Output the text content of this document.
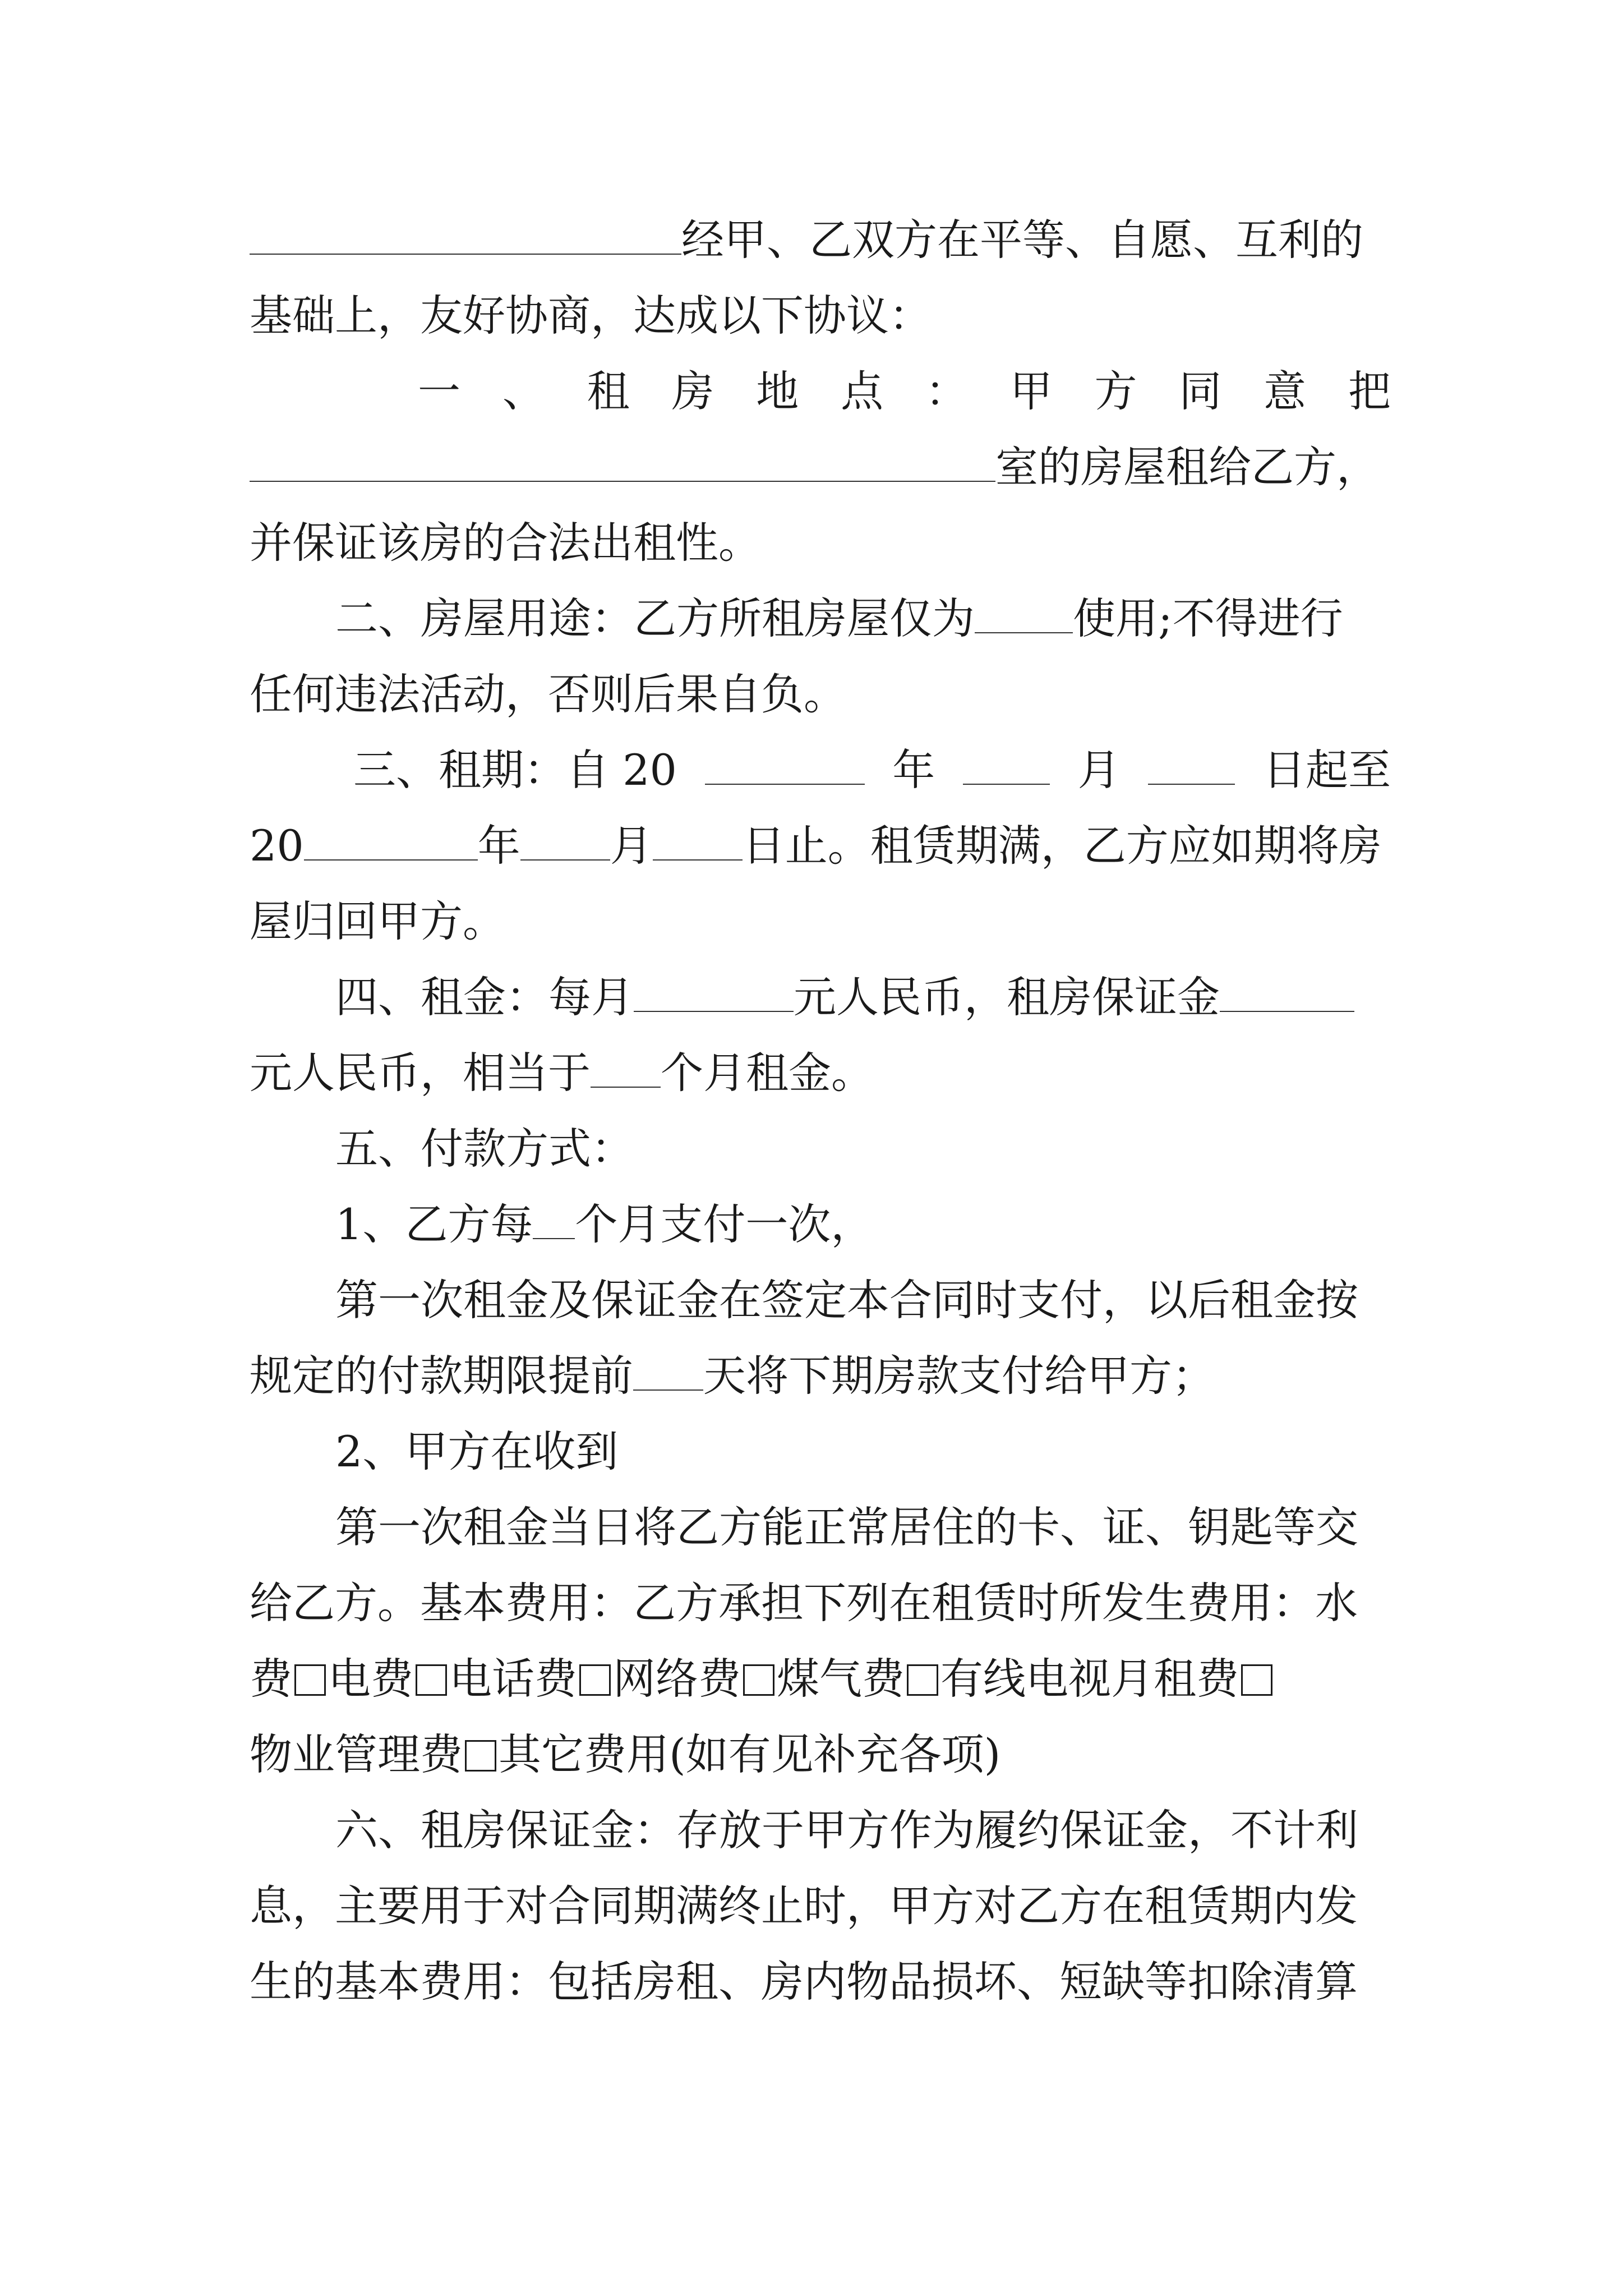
经甲、乙双方在平等、自愿、互利的
基础上，友好协商，达成以下协议：
一 、 租 房 地 点 ： 甲 方 同 意 把
室的房屋租给乙方，
并保证该房的合法出租性。
二、房屋用途：乙方所租房屋仅为 使用;不得进行
任何违法活动，否则后果自负。
三、租期：自 20	年	月	日起至
20	年 月 日止。租赁期满，乙方应如期将房
屋归回甲方。
四、租金：每月	元人民币，租房保证金
元人民币，相当于 个月租金。
五、付款方式：
1、乙方每 个月支付一次，
第一次租金及保证金在签定本合同时支付，以后租金按
规定的付款期限提前 天将下期房款支付给甲方；
2、甲方在收到
第一次租金当日将乙方能正常居住的卡、证、钥匙等交
给乙方。基本费用：乙方承担下列在租赁时所发生费用：水
费 电费 电话费 网络费 煤气费 有线电视月租费
物业管理费 其它费用(如有见补充各项)
六、租房保证金：存放于甲方作为履约保证金，不计利
息，主要用于对合同期满终止时，甲方对乙方在租赁期内发
生的基本费用：包括房租、房内物品损坏、短缺等扣除清算
